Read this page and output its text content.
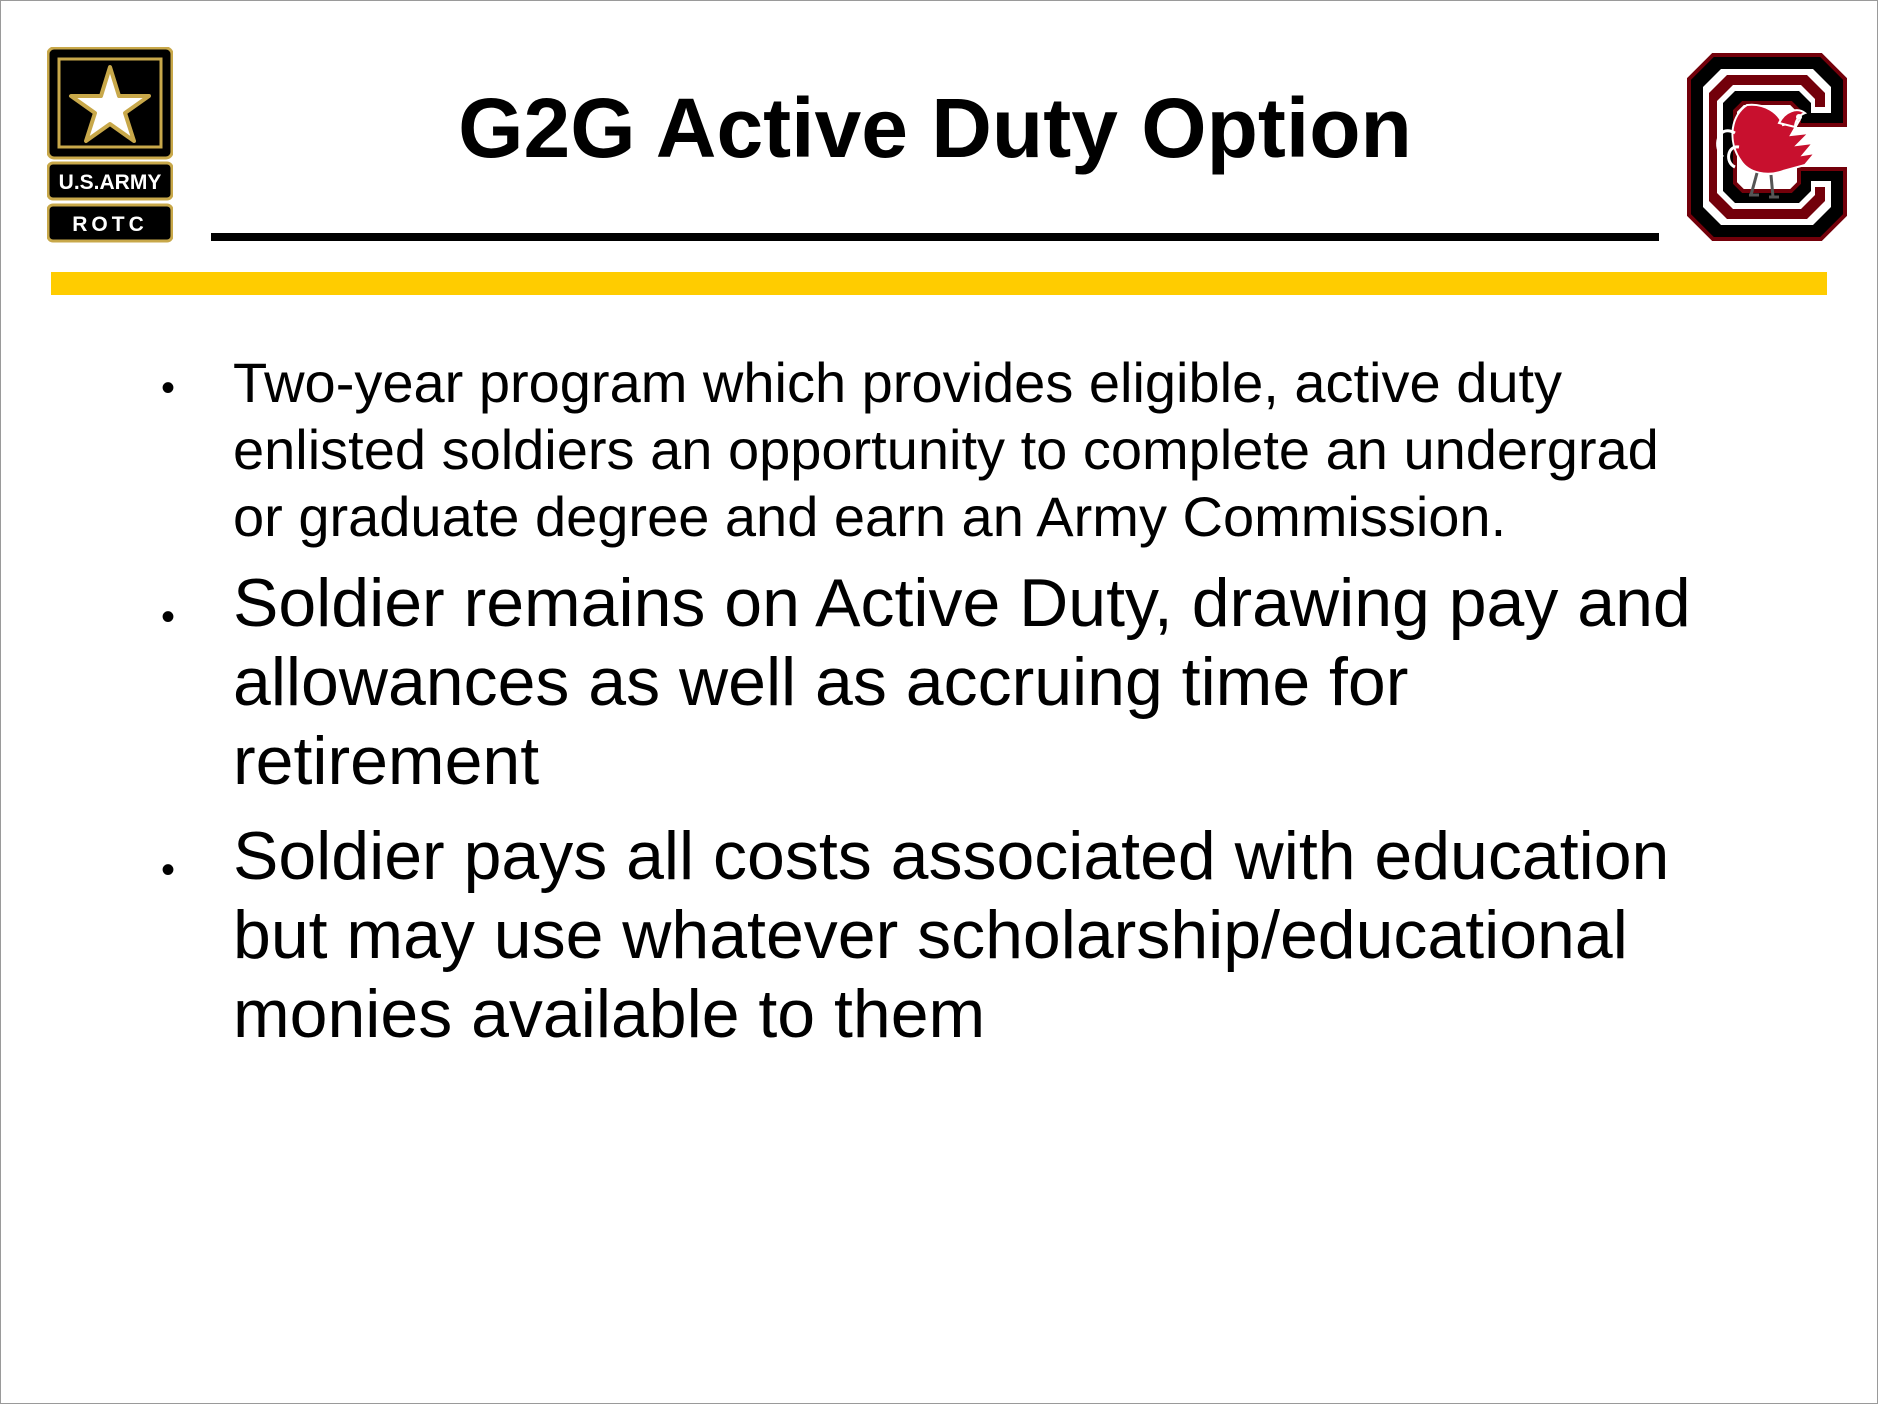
U.S.ARMY
ROTC
G2G Active Duty Option
• Two-year program which provides eligible, active duty enlisted soldiers an opportunity to complete an undergrad or graduate degree and earn an Army Commission.
• Soldier remains on Active Duty, drawing pay and allowances as well as accruing time for retirement
• Soldier pays all costs associated with education but may use whatever scholarship/educational monies available to them
